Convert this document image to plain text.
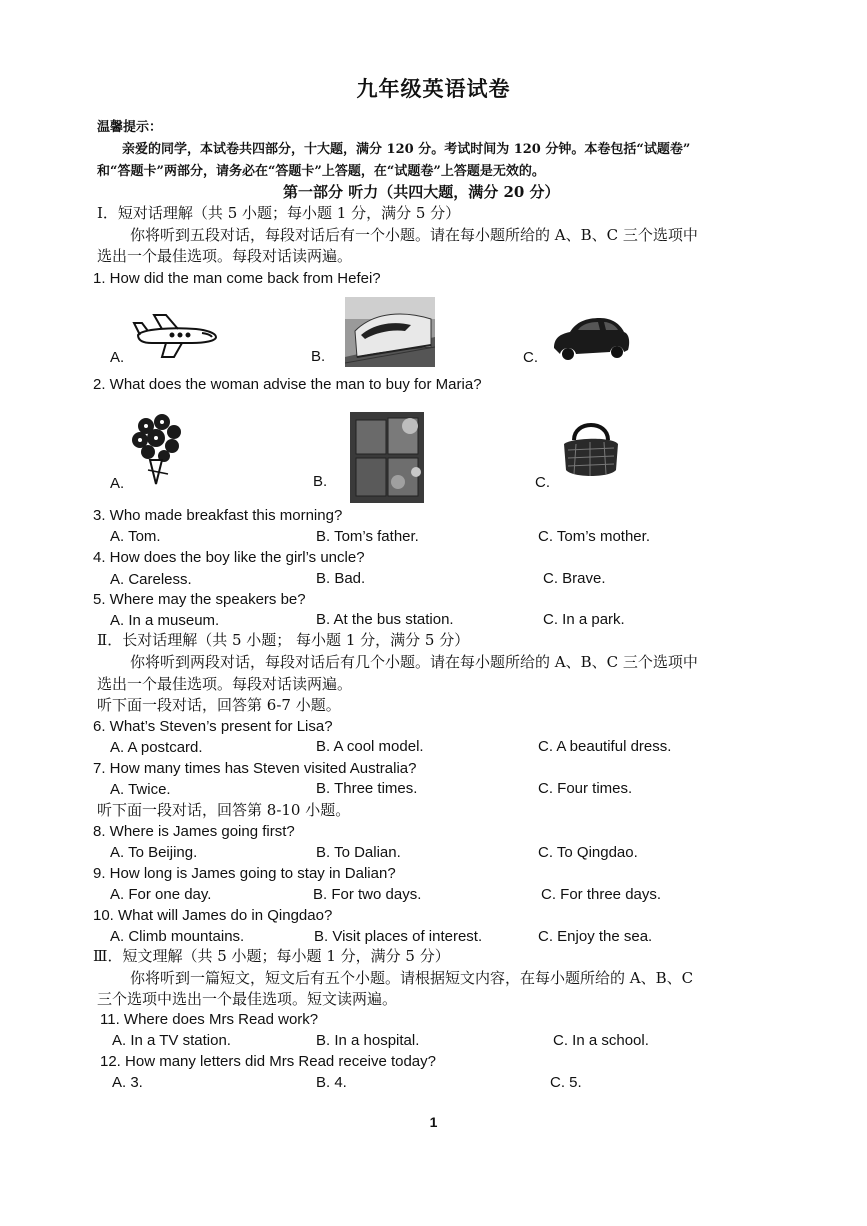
九年级英语试卷
温馨提示：
亲爱的同学，本试卷共四部分，十大题，满分 120 分。考试时间为 120 分钟。本卷包括“试题卷”
和“答题卡”两部分，请务必在“答题卡”上答题，在“试题卷”上答题是无效的。
第一部分 听力（共四大题，满分 20 分）
Ⅰ．短对话理解（共 5 小题；每小题 1 分，满分 5 分）
你将听到五段对话，每段对话后有一个小题。请在每小题所给的 A、B、C 三个选项中
选出一个最佳选项。每段对话读两遍。
1. How did the man come back from Hefei?
A.	B.	C.
2. What does the woman advise the man to buy for Maria?
A.	B.	C.
3. Who made breakfast this morning?
A. Tom.	B. Tom’s father.	C. Tom’s mother.
4. How does the boy like the girl’s uncle?
A. Careless.	B. Bad.	C. Brave.
5. Where may the speakers be?
A. In a museum.	B. At the bus station.	C. In a park.
Ⅱ．长对话理解（共 5 小题； 每小题 1 分，满分 5 分）
你将听到两段对话，每段对话后有几个小题。请在每小题所给的 A、B、C 三个选项中
选出一个最佳选项。每段对话读两遍。
听下面一段对话，回答第 6-7 小题。
6. What’s Steven’s present for Lisa?
A. A postcard.	B. A cool model.	C. A beautiful dress.
7. How many times has Steven visited Australia?
A. Twice.	B. Three times.	C. Four times.
听下面一段对话，回答第 8-10 小题。
8. Where is James going first?
A. To Beijing.	B. To Dalian.	C. To Qingdao.
9. How long is James going to stay in Dalian?
A. For one day.	B. For two days.	C. For three days.
10. What will James do in Qingdao?
A. Climb mountains.	B. Visit places of interest.	C. Enjoy the sea.
Ⅲ．短文理解（共 5 小题；每小题 1 分，满分 5 分）
你将听到一篇短文，短文后有五个小题。请根据短文内容，在每小题所给的 A、B、C
三个选项中选出一个最佳选项。短文读两遍。
11. Where does Mrs Read work?
A. In a TV station.	B. In a hospital.	C. In a school.
12. How many letters did Mrs Read receive today?
A. 3.	B. 4.	C. 5.
1
